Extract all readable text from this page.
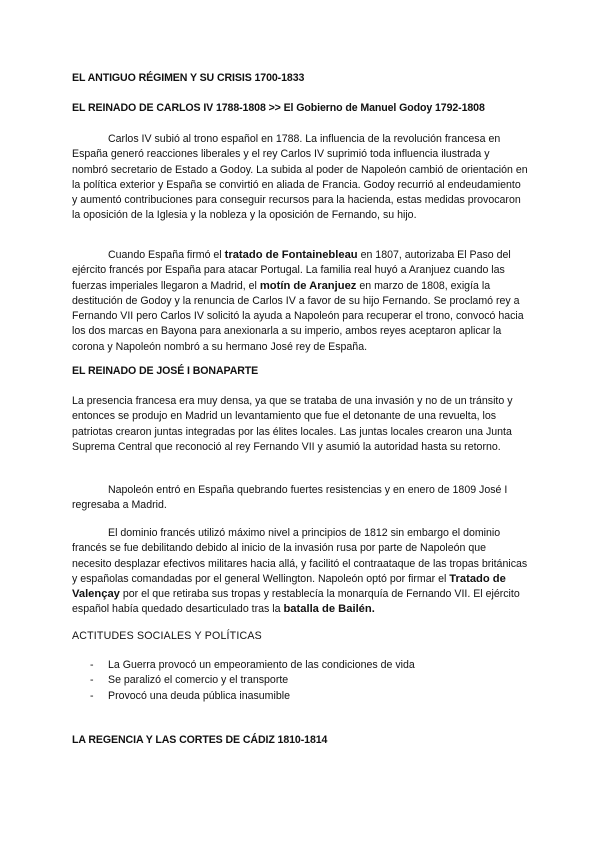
EL ANTIGUO RÉGIMEN Y SU CRISIS 1700-1833
EL REINADO DE CARLOS IV 1788-1808 >> El Gobierno de Manuel Godoy 1792-1808

Carlos IV subió al trono español en 1788. La influencia de la revolución francesa en España generó reacciones liberales y el rey Carlos IV suprimió toda influencia ilustrada y nombró secretario de Estado a Godoy. La subida al poder de Napoleón cambió de orientación en la política exterior y España se convirtió en aliada de Francia. Godoy recurrió al endeudamiento y aumentó contribuciones para conseguir recursos para la hacienda, estas medidas provocaron la oposición de la Iglesia y la nobleza y la oposición de Fernando, su hijo.

Cuando España firmó el tratado de Fontainebleau en 1807, autorizaba El Paso del ejército francés por España para atacar Portugal. La familia real huyó a Aranjuez cuando las fuerzas imperiales llegaron a Madrid, el motín de Aranjuez en marzo de 1808, exigía la destitución de Godoy y la renuncia de Carlos IV a favor de su hijo Fernando. Se proclamó rey a Fernando VII pero Carlos IV solicitó la ayuda a Napoleón para recuperar el trono, convocó hacia los dos marcas en Bayona para anexionarla a su imperio, ambos reyes aceptaron aplicar la corona y Napoleón nombró a su hermano José rey de España.

EL REINADO DE JOSÉ I BONAPARTE

La presencia francesa era muy densa, ya que se trataba de una invasión y no de un tránsito y entonces se produjo en Madrid un levantamiento que fue el detonante de una revuelta, los patriotas crearon juntas integradas por las élites locales. Las juntas locales crearon una Junta Suprema Central que reconoció al rey Fernando VII y asumió la autoridad hasta su retorno.

Napoleón entró en España quebrando fuertes resistencias y en enero de 1809 José I regresaba a Madrid.

El dominio francés utilizó máximo nivel a principios de 1812 sin embargo el dominio francés se fue debilitando debido al inicio de la invasión rusa por parte de Napoleón que necesito desplazar efectivos militares hacia allá, y facilitó el contraataque de las tropas británicas y españolas comandadas por el general Wellington. Napoleón optó por firmar el Tratado de Valençay por el que retiraba sus tropas y restablecía la monarquía de Fernando VII. El ejército español había quedado desarticulado tras la batalla de Bailén.

ACTITUDES SOCIALES Y POLÍTICAS
- La Guerra provocó un empeoramiento de las condiciones de vida
- Se paralizó el comercio y el transporte
- Provocó una deuda pública inasumible
LA REGENCIA Y LAS CORTES DE CÁDIZ 1810-1814
